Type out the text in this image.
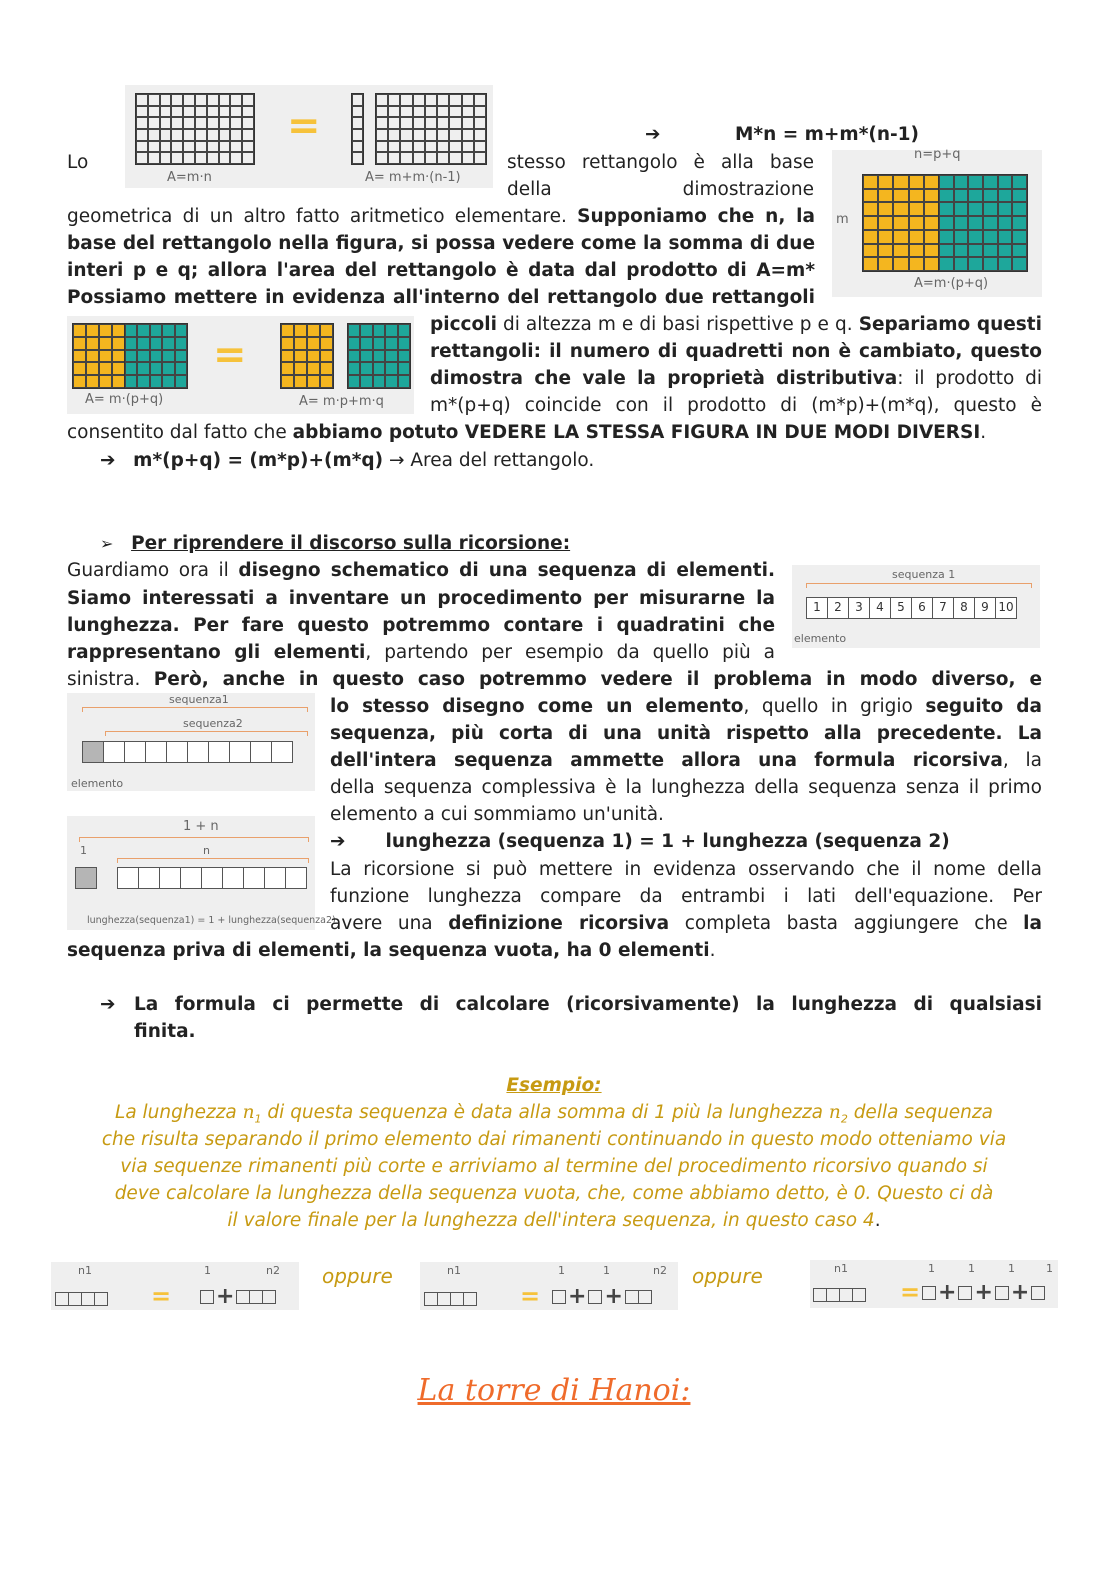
=
A=m·n	A= m+m·(n-1)
➔	M*n = m+m*(n-1)
Lo	stesso rettangolo è alla base
della dimostrazione
n=p+q
m
A=m·(p+q)
geometrica di un altro fatto aritmetico elementare. Supponiamo che n, la
base del rettangolo nella figura, si possa vedere come la somma di due
interi p e q; allora l'area del rettangolo è data dal prodotto di A=m*
Possiamo mettere in evidenza all'interno del rettangolo due rettangoli
=
A= m·(p+q)	A= m·p+m·q
piccoli di altezza m e di basi rispettive p e q. Separiamo questi
rettangoli: il numero di quadretti non è cambiato, questo
dimostra che vale la proprietà distributiva: il prodotto di
m*(p+q) coincide con il prodotto di (m*p)+(m*q), questo è
consentito dal fatto che abbiamo potuto VEDERE LA STESSA FIGURA IN DUE MODI DIVERSI.
➔ m*(p+q) = (m*p)+(m*q) → Area del rettangolo.
➢ Per riprendere il discorso sulla ricorsione:
sequenza 1
1	2	3	4	5	6	7	8	9 10
elemento
Guardiamo ora il disegno schematico di una sequenza di elementi.
Siamo interessati a inventare un procedimento per misurarne la
lunghezza. Per fare questo potremmo contare i quadratini che
rappresentano gli elementi, partendo per esempio da quello più a
sinistra. Però, anche in questo caso potremmo vedere il problema in modo diverso, e
sequenza1
sequenza2
elemento
lo stesso disegno come un elemento, quello in grigio seguito da
sequenza, più corta di una unità rispetto alla precedente. La
dell'intera sequenza ammette allora una formula ricorsiva, la
della sequenza complessiva è la lunghezza della sequenza senza il primo
elemento a cui sommiamo un'unità.
1 + n
1	n
lunghezza(sequenza1) = 1 + lunghezza(sequenza2)
➔ lunghezza (sequenza 1) = 1 + lunghezza (sequenza 2)
La ricorsione si può mettere in evidenza osservando che il nome della
funzione lunghezza compare da entrambi i lati dell'equazione. Per
avere una definizione ricorsiva completa basta aggiungere che la
sequenza priva di elementi, la sequenza vuota, ha 0 elementi.
➔ La formula ci permette di calcolare (ricorsivamente) la lunghezza di qualsiasi
finita.
Esempio:
La lunghezza $n_1$ di questa sequenza è data alla somma di 1 più la lunghezza $n_2$ della sequenza
che risulta separando il primo elemento dai rimanenti continuando in questo modo otteniamo via
via sequenze rimanenti più corte e arriviamo al termine del procedimento ricorsivo quando si
deve calcolare la lunghezza della sequenza vuota, che, come abbiamo detto, è 0. Questo ci dà
il valore finale per la lunghezza dell'intera sequenza, in questo caso 4.
n1
=
1
+
n2 oppure	n1
=
1	1
+ +
n2 oppure	n1
=
1	1	1	1
+ + +
La torre di Hanoi:
